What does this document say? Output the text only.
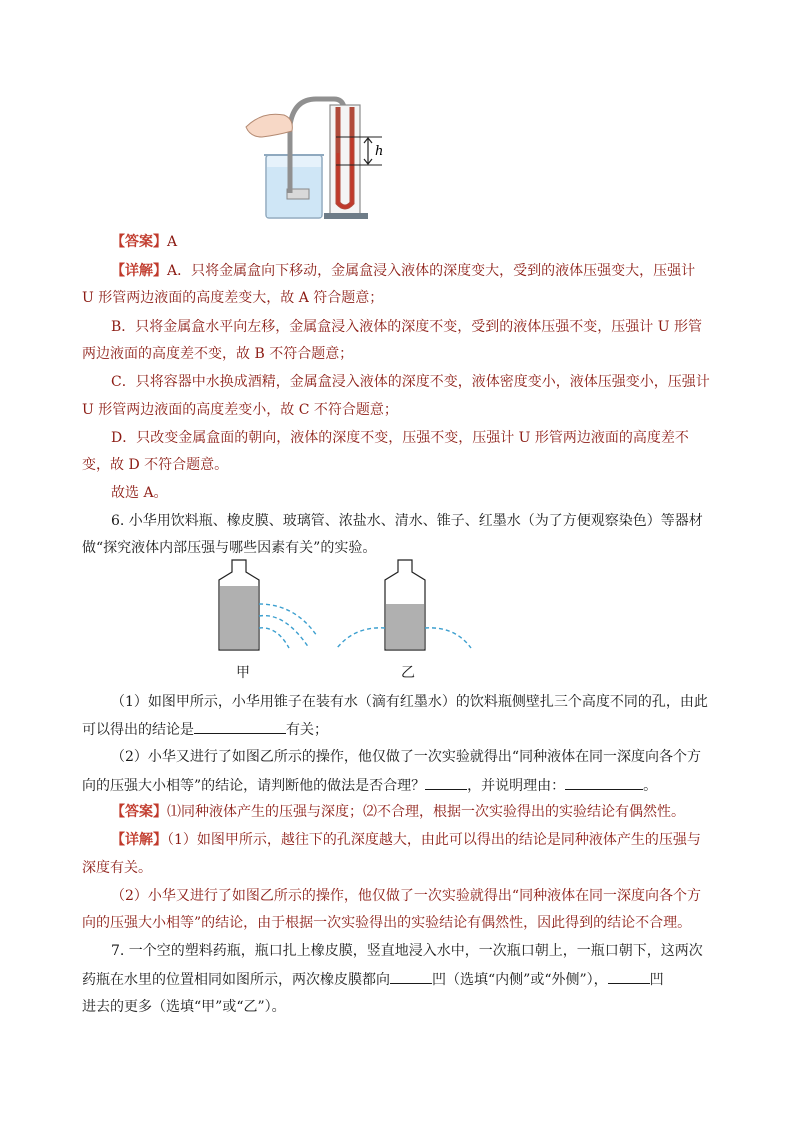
h
【答案】A
【详解】A．只将金属盒向下移动，金属盒浸入液体的深度变大，受到的液体压强变大，压强计
U 形管两边液面的高度差变大，故 A 符合题意；
B．只将金属盒水平向左移，金属盒浸入液体的深度不变，受到的液体压强不变，压强计 U 形管
两边液面的高度差不变，故 B 不符合题意；
C．只将容器中水换成酒精，金属盒浸入液体的深度不变，液体密度变小，液体压强变小，压强计
U 形管两边液面的高度差变小，故 C 不符合题意；
D．只改变金属盒面的朝向，液体的深度不变，压强不变，压强计 U 形管两边液面的高度差不
变，故 D 不符合题意。
故选 A。
6. 小华用饮料瓶、橡皮膜、玻璃管、浓盐水、清水、锥子、红墨水（为了方便观察染色）等器材
做“探究液体内部压强与哪些因素有关”的实验。
甲	乙
（1）如图甲所示，小华用锥子在装有水（滴有红墨水）的饮料瓶侧壁扎三个高度不同的孔，由此
可以得出的结论是	有关；
（2）小华又进行了如图乙所示的操作，他仅做了一次实验就得出“同种液体在同一深度向各个方
向的压强大小相等”的结论，请判断他的做法是否合理？	，并说明理由：	。
【答案】⑴同种液体产生的压强与深度；⑵不合理，根据一次实验得出的实验结论有偶然性。
【详解】（1）如图甲所示，越往下的孔深度越大，由此可以得出的结论是同种液体产生的压强与
深度有关。
（2）小华又进行了如图乙所示的操作，他仅做了一次实验就得出“同种液体在同一深度向各个方
向的压强大小相等”的结论，由于根据一次实验得出的实验结论有偶然性，因此得到的结论不合理。
7. 一个空的塑料药瓶，瓶口扎上橡皮膜，竖直地浸入水中，一次瓶口朝上，一瓶口朝下，这两次
药瓶在水里的位置相同如图所示，两次橡皮膜都向	凹（选填“内侧”或“外侧”），	凹
进去的更多（选填“甲”或“乙”）。
